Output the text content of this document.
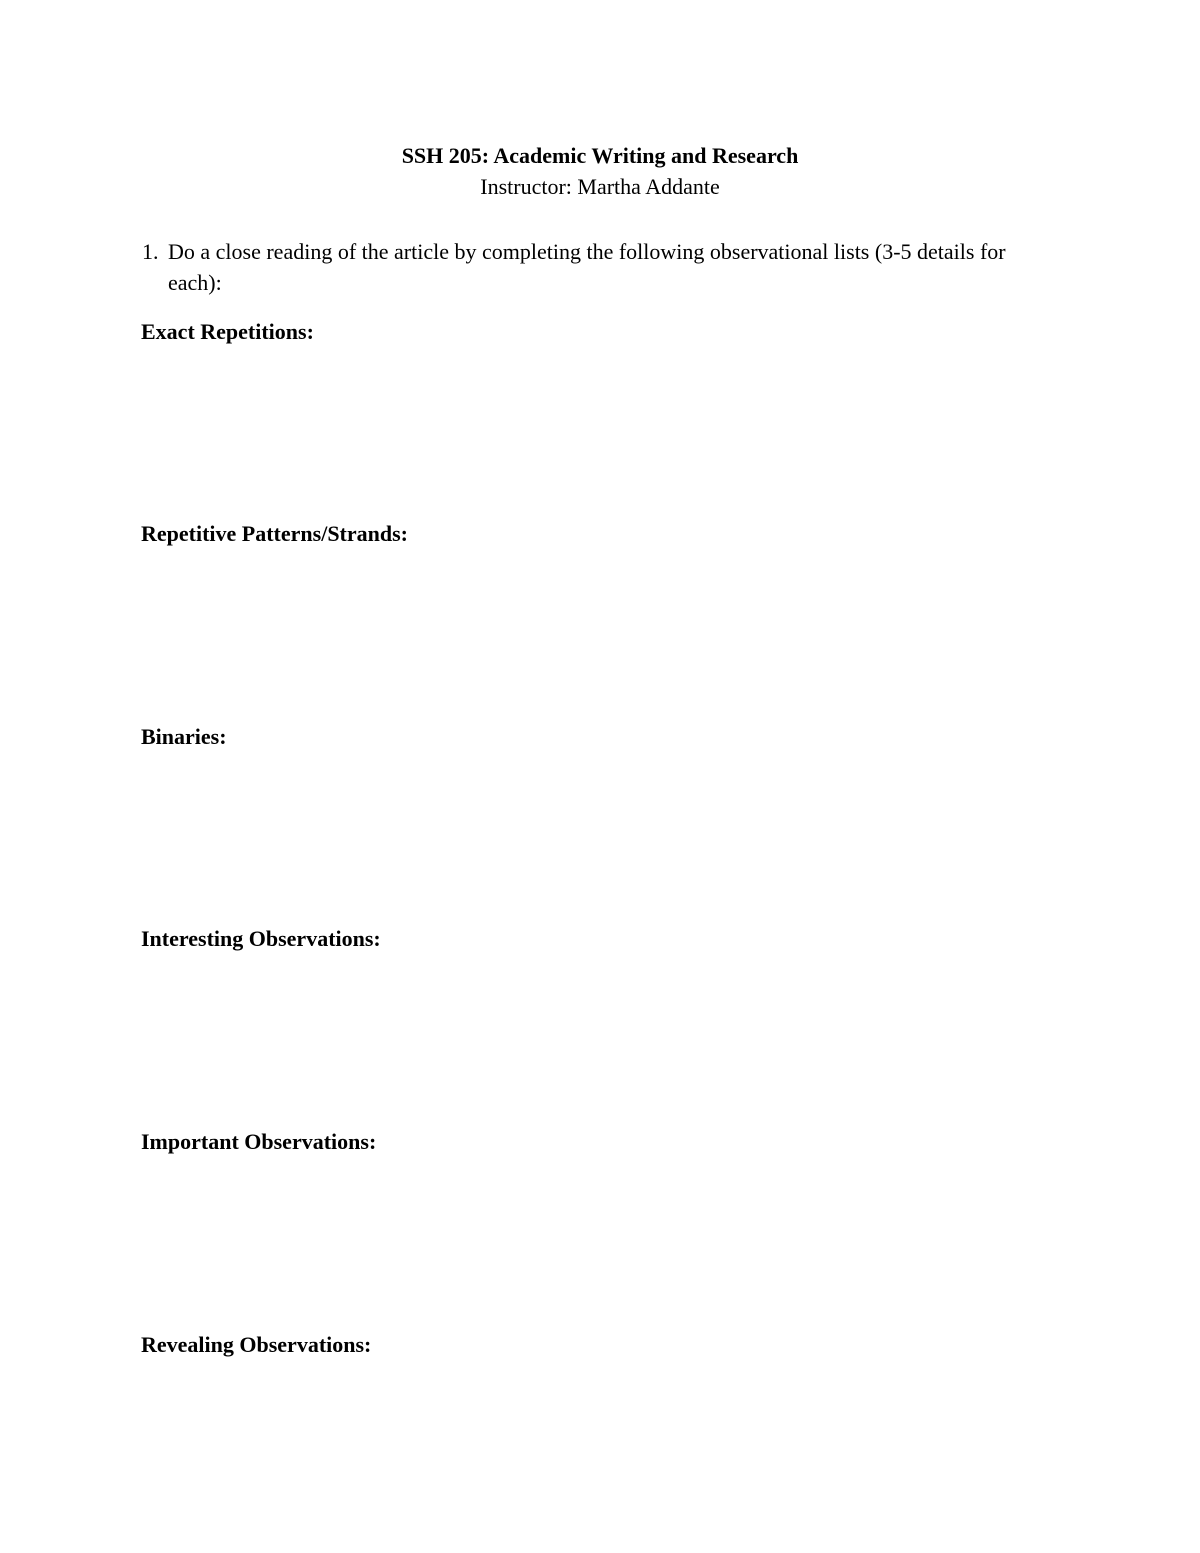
SSH 205: Academic Writing and Research
Instructor: Martha Addante
1. Do a close reading of the article by completing the following observational lists (3-5 details for each):
Exact Repetitions:
Repetitive Patterns/Strands:
Binaries:
Interesting Observations:
Important Observations:
Revealing Observations:
